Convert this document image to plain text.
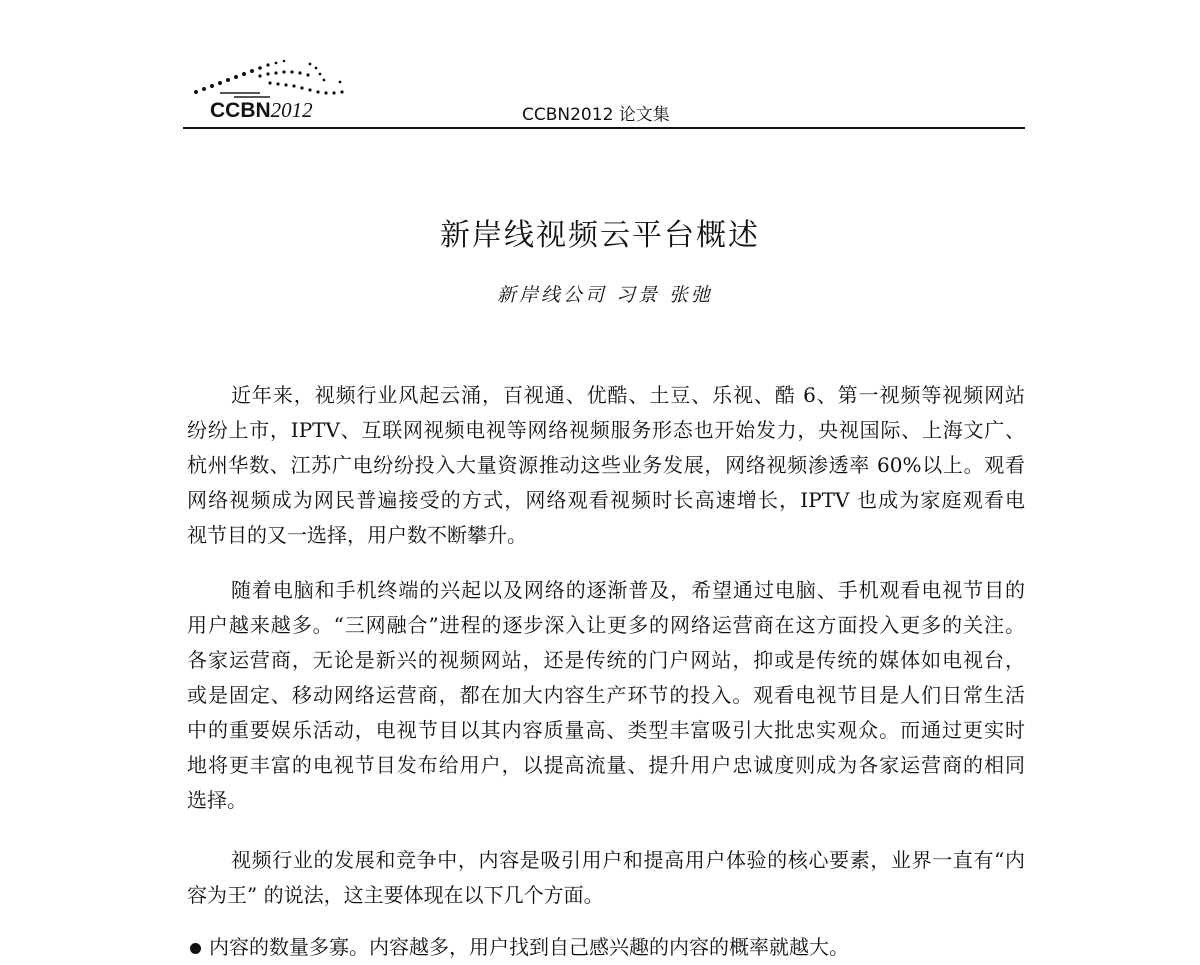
CCBN2012	CCBN2012 论文集
新岸线视频云平台概述
新岸线公司 习景 张弛
近年来，视频行业风起云涌，百视通、优酷、土豆、乐视、酷 6、第一视频等视频网站
纷纷上市，IPTV、互联网视频电视等网络视频服务形态也开始发力，央视国际、上海文广、
杭州华数、江苏广电纷纷投入大量资源推动这些业务发展，网络视频渗透率 60%以上。观看
网络视频成为网民普遍接受的方式，网络观看视频时长高速增长，IPTV 也成为家庭观看电
视节目的又一选择，用户数不断攀升。
随着电脑和手机终端的兴起以及网络的逐渐普及，希望通过电脑、手机观看电视节目的
用户越来越多。“三网融合”进程的逐步深入让更多的网络运营商在这方面投入更多的关注。
各家运营商，无论是新兴的视频网站，还是传统的门户网站，抑或是传统的媒体如电视台，
或是固定、移动网络运营商，都在加大内容生产环节的投入。观看电视节目是人们日常生活
中的重要娱乐活动，电视节目以其内容质量高、类型丰富吸引大批忠实观众。而通过更实时
地将更丰富的电视节目发布给用户，以提高流量、提升用户忠诚度则成为各家运营商的相同
选择。
视频行业的发展和竞争中，内容是吸引用户和提高用户体验的核心要素，业界一直有“内
容为王” 的说法，这主要体现在以下几个方面。
内容的数量多寡。内容越多，用户找到自己感兴趣的内容的概率就越大。
